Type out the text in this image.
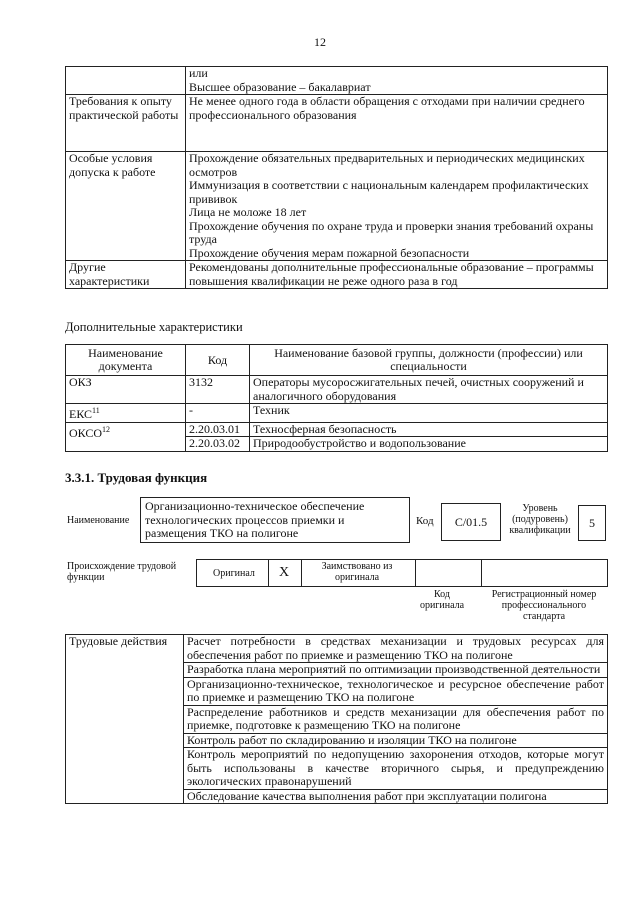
12

	или
Высшее образование – бакалавриат

Требования к опыту практической работы	Не менее одного года в области обращения с отходами при наличии среднего профессионального образования

Особые условия допуска к работе	Прохождение обязательных предварительных и периодических медицинских осмотров
Иммунизация в соответствии с национальным календарем профилактических прививок
Лица не моложе 18 лет
Прохождение обучения по охране труда и проверки знания требований охраны труда
Прохождение обучения мерам пожарной безопасности

Другие характеристики	Рекомендованы дополнительные профессиональные образование – программы повышения квалификации не реже одного раза в год
Дополнительные характеристики
Наименование документа	Код	Наименование базовой группы, должности (профессии) или специальности
ОКЗ	3132	Операторы мусоросжигательных печей, очистных сооружений и аналогичного оборудования
ЕКС$^{11}$	-	Техник
ОКСО$^{12}$	2.20.03.01	Техносферная безопасность
	2.20.03.02	Природообустройство и водопользование
3.3.1. Трудовая функция
Наименование
Организационно-техническое обеспечение технологических процессов приемки и размещения ТКО на полигоне
Код С/01.5
Уровень (подуровень) квалификации
5
Происхождение трудовой функции	Оригинал X	Заимствовано из оригинала
Код оригинала
Регистрационный номер профессионального стандарта
Трудовые действия	Расчет потребности в средствах механизации и трудовых ресурсах для обеспечения работ по приемке и размещению ТКО на полигоне
Разработка плана мероприятий по оптимизации производственной деятельности
Организационно-техническое, технологическое и ресурсное обеспечение работ по приемке и размещению ТКО на полигоне
Распределение работников и средств механизации для обеспечения работ по приемке, подготовке к размещению ТКО на полигоне
Контроль работ по складированию и изоляции ТКО на полигоне
Контроль мероприятий по недопущению захоронения отходов, которые могут быть использованы в качестве вторичного сырья, и предупреждению экологических правонарушений
Обследование качества выполнения работ при эксплуатации полигона
